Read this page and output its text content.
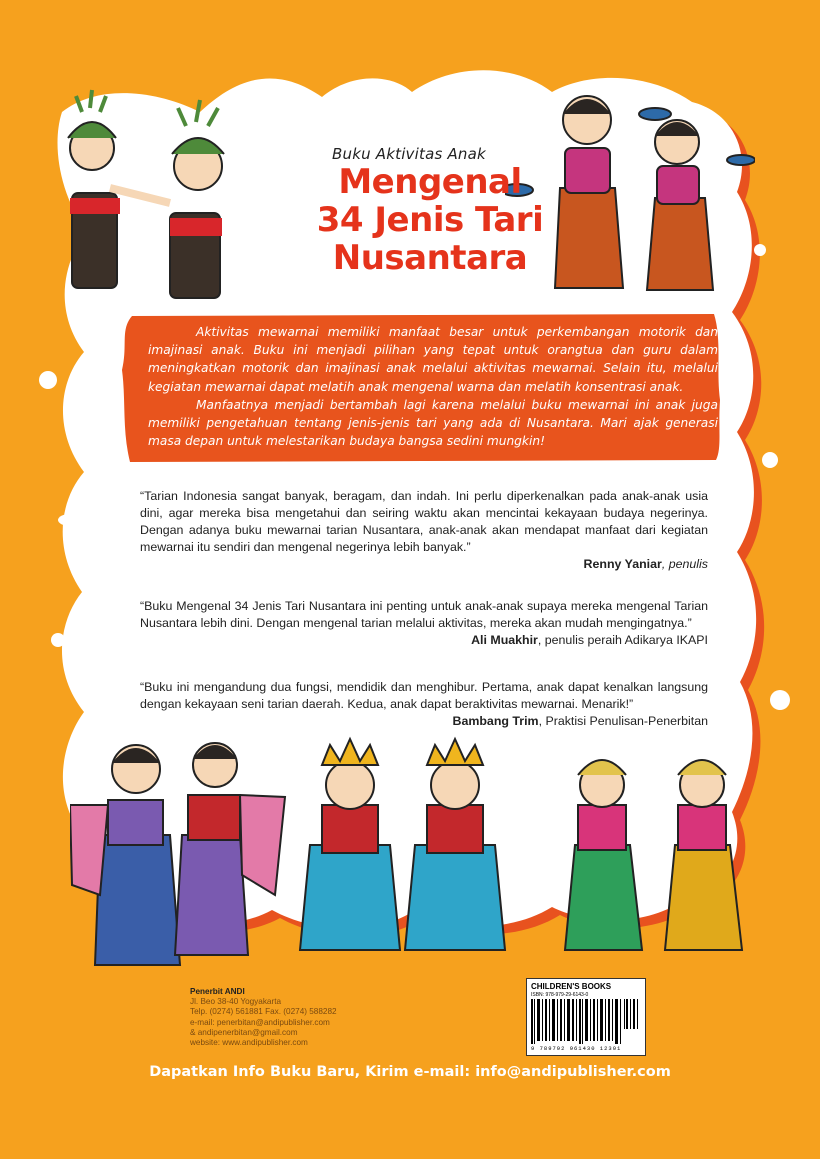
Buku Aktivitas Anak
Mengenal
34 Jenis Tari
Nusantara

Aktivitas mewarnai memiliki manfaat besar untuk perkembangan motorik dan imajinasi anak. Buku ini menjadi pilihan yang tepat untuk orangtua dan guru dalam meningkatkan motorik dan imajinasi anak melalui aktivitas mewarnai. Selain itu, melalui kegiatan mewarnai dapat melatih anak mengenal warna dan melatih konsentrasi anak.

Manfaatnya menjadi bertambah lagi karena melalui buku mewarnai ini anak juga memiliki pengetahuan tentang jenis-jenis tari yang ada di Nusantara. Mari ajak generasi masa depan untuk melestarikan budaya bangsa sedini mungkin!

“Tarian Indonesia sangat banyak, beragam, dan indah. Ini perlu diperkenalkan pada anak-anak usia dini, agar mereka bisa mengetahui dan seiring waktu akan mencintai kekayaan budaya negerinya. Dengan adanya buku mewarnai tarian Nusantara, anak-anak akan mendapat manfaat dari kegiatan mewarnai itu sendiri dan mengenal negerinya lebih banyak.”
Renny Yaniar, penulis
“Buku Mengenal 34 Jenis Tari Nusantara ini penting untuk anak-anak supaya mereka mengenal Tarian Nusantara lebih dini. Dengan mengenal tarian melalui aktivitas, mereka akan mudah mengingatnya.”
Ali Muakhir, penulis peraih Adikarya IKAPI
“Buku ini mengandung dua fungsi, mendidik dan menghibur. Pertama, anak dapat kenalkan langsung dengan kekayaan seni tarian daerah. Kedua, anak dapat beraktivitas mewarnai. Menarik!”
Bambang Trim, Praktisi Penulisan-Penerbitan
Penerbit ANDI
Jl. Beo 38-40 Yogyakarta
Telp. (0274) 561881 Fax. (0274) 588282
e-mail: penerbitan@andipublisher.com
& andipenerbitan@gmail.com
website: www.andipublisher.com
CHILDREN'S BOOKS
ISBN: 978-979-29-6143-0
9 789792 961430 12301
Dapatkan Info Buku Baru, Kirim e-mail: info@andipublisher.com
